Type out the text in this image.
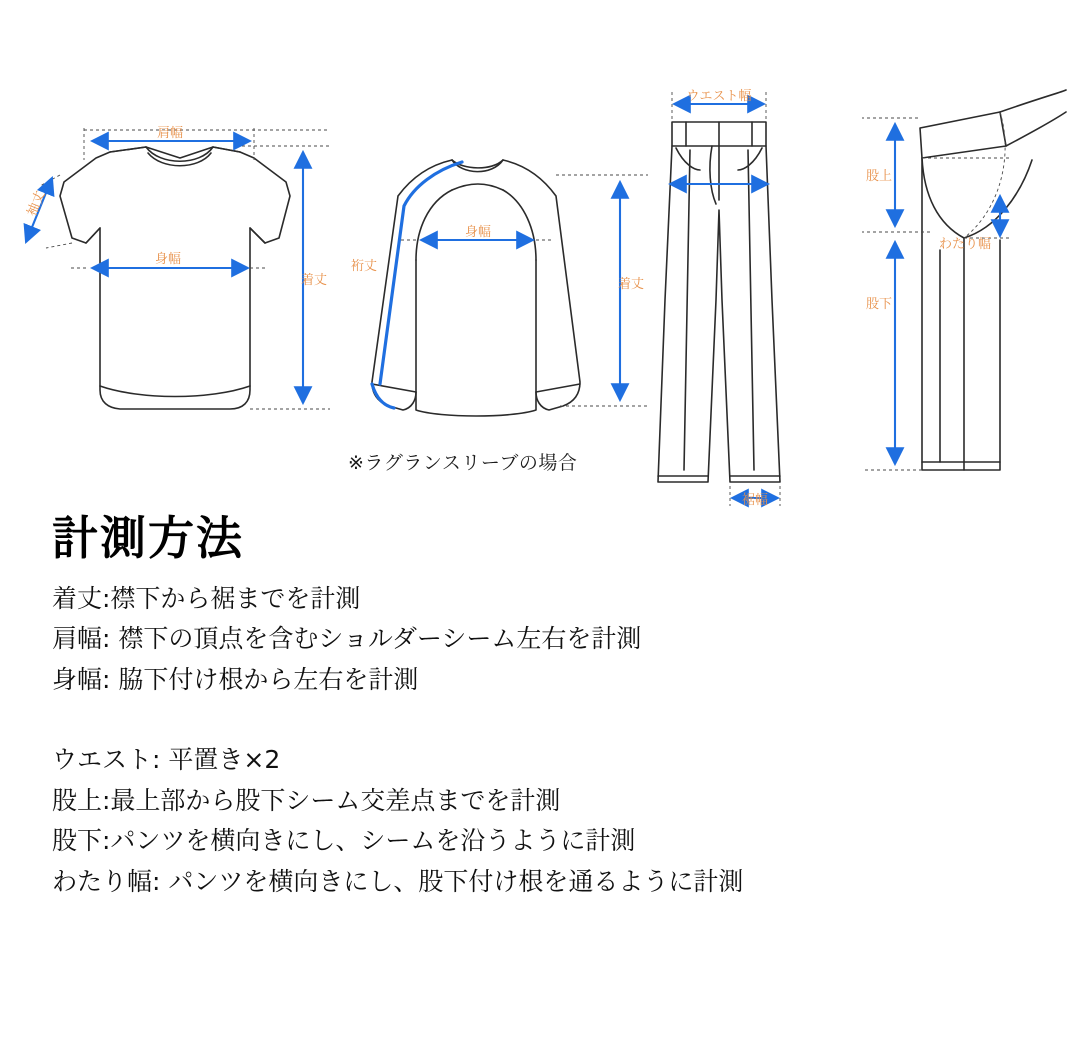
肩幅
袖丈
身幅
着丈
裄丈
身幅
着丈
ウエスト幅
裾幅
股上
股下
わたり幅
※ラグランスリーブの場合
計測方法
着丈:襟下から裾までを計測
肩幅: 襟下の頂点を含むショルダーシーム左右を計測
身幅: 脇下付け根から左右を計測
ウエスト: 平置き×2
股上:最上部から股下シーム交差点までを計測
股下:パンツを横向きにし、シームを沿うように計測
わたり幅: パンツを横向きにし、股下付け根を通るように計測
